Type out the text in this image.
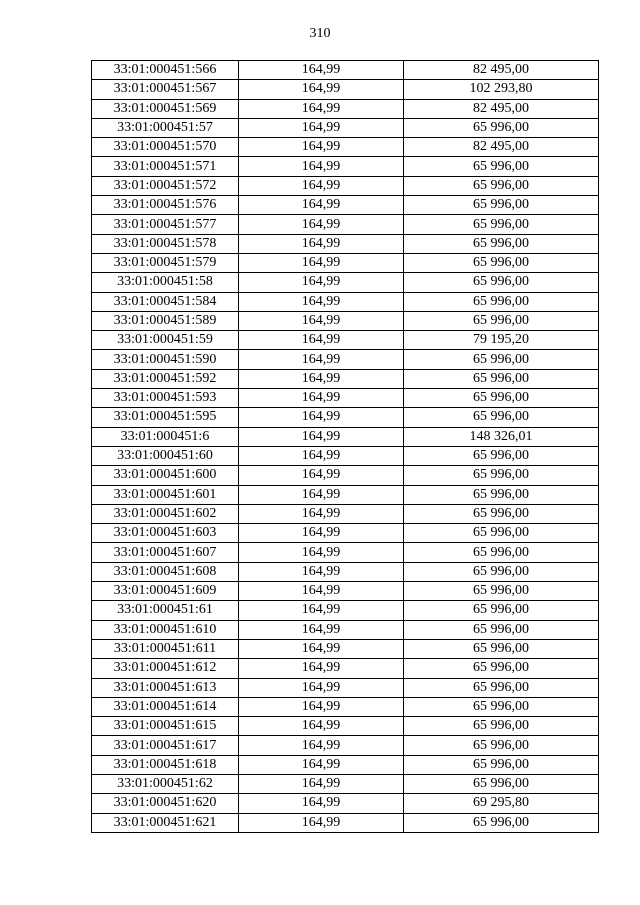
310
33:01:000451:566	164,99	82 495,00
33:01:000451:567	164,99	102 293,80
33:01:000451:569	164,99	82 495,00
33:01:000451:57	164,99	65 996,00
33:01:000451:570	164,99	82 495,00
33:01:000451:571	164,99	65 996,00
33:01:000451:572	164,99	65 996,00
33:01:000451:576	164,99	65 996,00
33:01:000451:577	164,99	65 996,00
33:01:000451:578	164,99	65 996,00
33:01:000451:579	164,99	65 996,00
33:01:000451:58	164,99	65 996,00
33:01:000451:584	164,99	65 996,00
33:01:000451:589	164,99	65 996,00
33:01:000451:59	164,99	79 195,20
33:01:000451:590	164,99	65 996,00
33:01:000451:592	164,99	65 996,00
33:01:000451:593	164,99	65 996,00
33:01:000451:595	164,99	65 996,00
33:01:000451:6	164,99	148 326,01
33:01:000451:60	164,99	65 996,00
33:01:000451:600	164,99	65 996,00
33:01:000451:601	164,99	65 996,00
33:01:000451:602	164,99	65 996,00
33:01:000451:603	164,99	65 996,00
33:01:000451:607	164,99	65 996,00
33:01:000451:608	164,99	65 996,00
33:01:000451:609	164,99	65 996,00
33:01:000451:61	164,99	65 996,00
33:01:000451:610	164,99	65 996,00
33:01:000451:611	164,99	65 996,00
33:01:000451:612	164,99	65 996,00
33:01:000451:613	164,99	65 996,00
33:01:000451:614	164,99	65 996,00
33:01:000451:615	164,99	65 996,00
33:01:000451:617	164,99	65 996,00
33:01:000451:618	164,99	65 996,00
33:01:000451:62	164,99	65 996,00
33:01:000451:620	164,99	69 295,80
33:01:000451:621	164,99	65 996,00
